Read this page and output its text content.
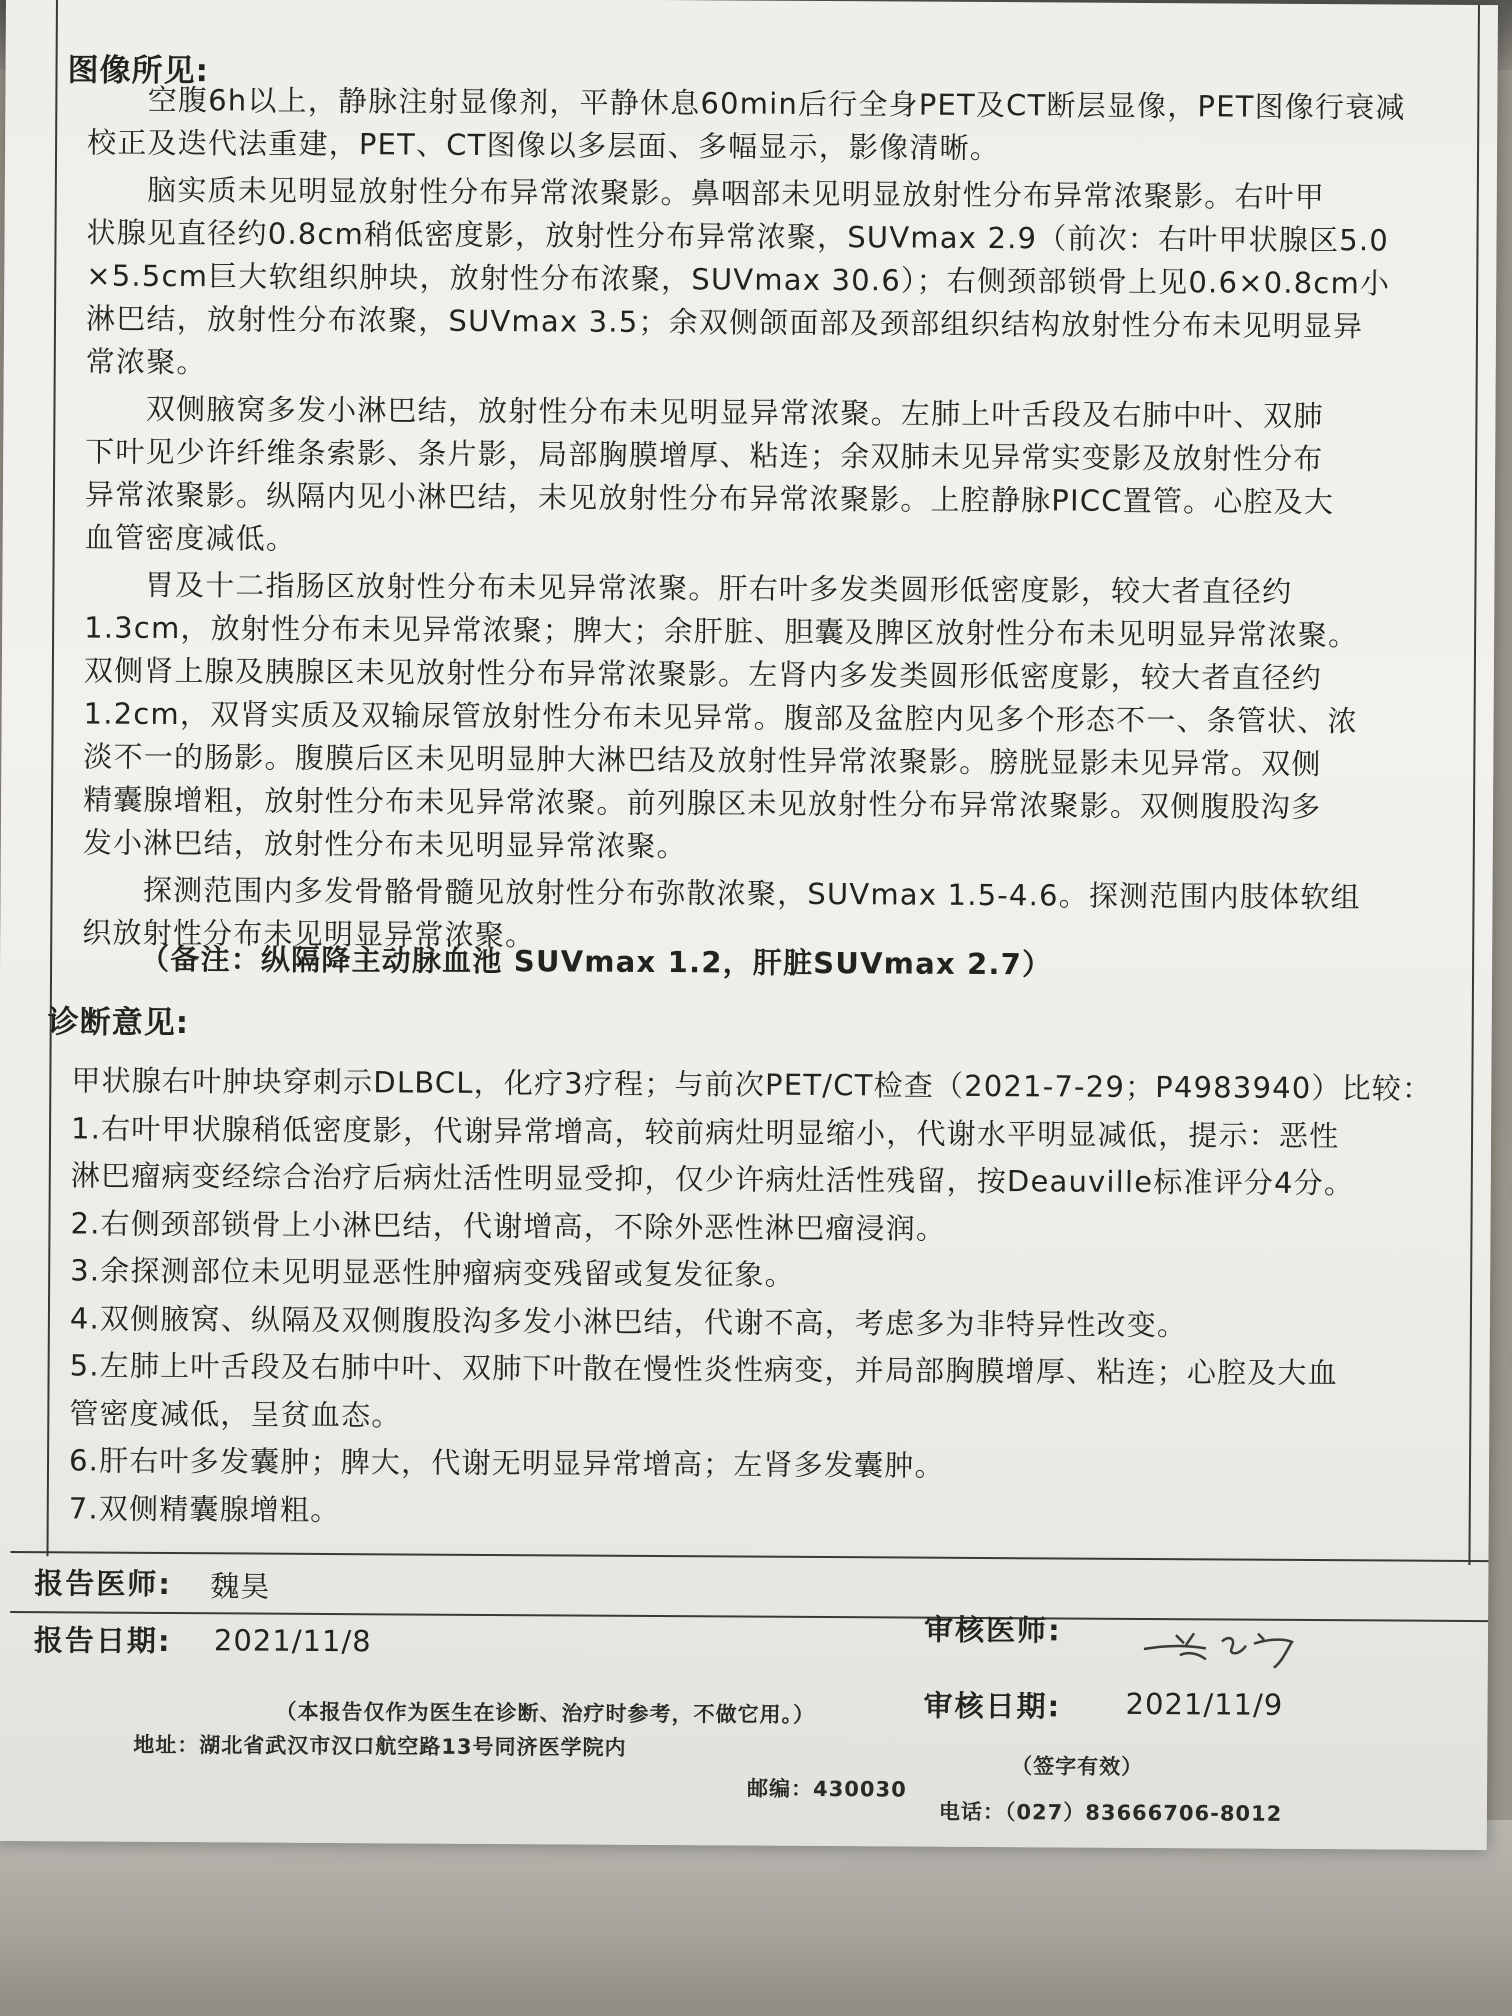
图像所见:
　　空腹6h以上，静脉注射显像剂，平静休息60min后行全身PET及CT断层显像，PET图像行衰减
校正及迭代法重建，PET、CT图像以多层面、多幅显示，影像清晰。
　　脑实质未见明显放射性分布异常浓聚影。鼻咽部未见明显放射性分布异常浓聚影。右叶甲
状腺见直径约0.8cm稍低密度影，放射性分布异常浓聚，SUVmax 2.9（前次：右叶甲状腺区5.0
×5.5cm巨大软组织肿块，放射性分布浓聚，SUVmax 30.6）；右侧颈部锁骨上见0.6×0.8cm小
淋巴结，放射性分布浓聚，SUVmax 3.5；余双侧颌面部及颈部组织结构放射性分布未见明显异
常浓聚。
　　双侧腋窝多发小淋巴结，放射性分布未见明显异常浓聚。左肺上叶舌段及右肺中叶、双肺
下叶见少许纤维条索影、条片影，局部胸膜增厚、粘连；余双肺未见异常实变影及放射性分布
异常浓聚影。纵隔内见小淋巴结，未见放射性分布异常浓聚影。上腔静脉PICC置管。心腔及大
血管密度减低。
　　胃及十二指肠区放射性分布未见异常浓聚。肝右叶多发类圆形低密度影，较大者直径约
1.3cm，放射性分布未见异常浓聚；脾大；余肝脏、胆囊及脾区放射性分布未见明显异常浓聚。
双侧肾上腺及胰腺区未见放射性分布异常浓聚影。左肾内多发类圆形低密度影，较大者直径约
1.2cm，双肾实质及双输尿管放射性分布未见异常。腹部及盆腔内见多个形态不一、条管状、浓
淡不一的肠影。腹膜后区未见明显肿大淋巴结及放射性异常浓聚影。膀胱显影未见异常。双侧
精囊腺增粗，放射性分布未见异常浓聚。前列腺区未见放射性分布异常浓聚影。双侧腹股沟多
发小淋巴结，放射性分布未见明显异常浓聚。
　　探测范围内多发骨骼骨髓见放射性分布弥散浓聚，SUVmax 1.5-4.6。探测范围内肢体软组
织放射性分布未见明显异常浓聚。
（备注：纵隔降主动脉血池 SUVmax 1.2，肝脏SUVmax 2.7）
诊断意见:
甲状腺右叶肿块穿刺示DLBCL，化疗3疗程；与前次PET/CT检查（2021-7-29；P4983940）比较：
1.右叶甲状腺稍低密度影，代谢异常增高，较前病灶明显缩小，代谢水平明显减低，提示：恶性
淋巴瘤病变经综合治疗后病灶活性明显受抑，仅少许病灶活性残留，按Deauville标准评分4分。
2.右侧颈部锁骨上小淋巴结，代谢增高，不除外恶性淋巴瘤浸润。
3.余探测部位未见明显恶性肿瘤病变残留或复发征象。
4.双侧腋窝、纵隔及双侧腹股沟多发小淋巴结，代谢不高，考虑多为非特异性改变。
5.左肺上叶舌段及右肺中叶、双肺下叶散在慢性炎性病变，并局部胸膜增厚、粘连；心腔及大血
管密度减低，呈贫血态。
6.肝右叶多发囊肿；脾大，代谢无明显异常增高；左肾多发囊肿。
7.双侧精囊腺增粗。
报告医师: 魏昊
报告日期: 2021/11/8	审核医师:
审核日期: 2021/11/9
（本报告仅作为医生在诊断、治疗时参考，不做它用。）
（签字有效）
地址：湖北省武汉市汉口航空路13号同济医学院内
邮编：430030
电话：（027）83666706-8012
